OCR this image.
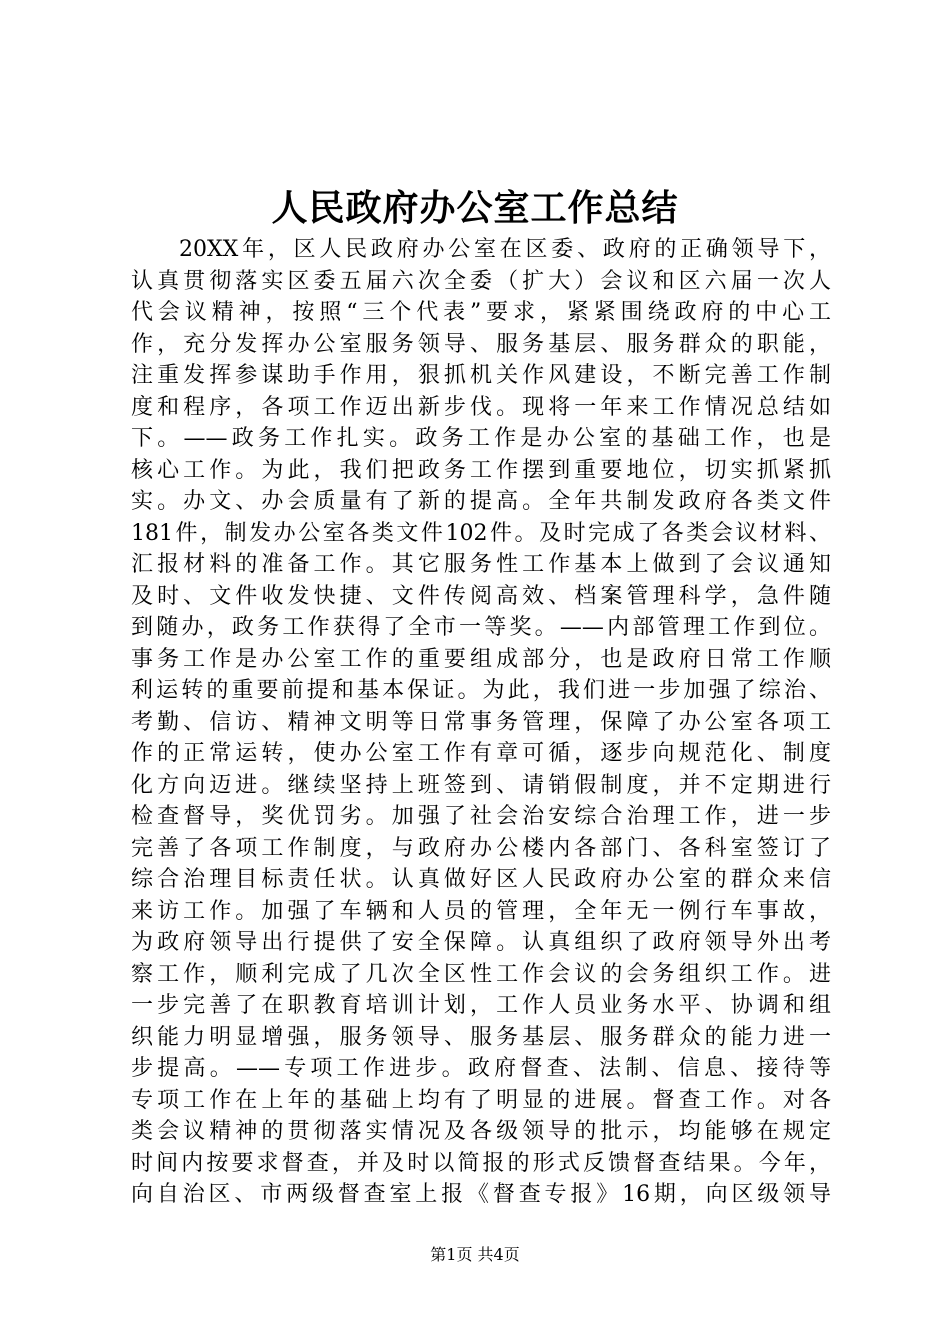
人民政府办公室工作总结
20XX年，区人民政府办公室在区委、政府的正确领导下，
认真贯彻落实区委五届六次全委（扩大）会议和区六届一次人
代会议精神，按照“三个代表”要求，紧紧围绕政府的中心工
作，充分发挥办公室服务领导、服务基层、服务群众的职能，
注重发挥参谋助手作用，狠抓机关作风建设，不断完善工作制
度和程序，各项工作迈出新步伐。现将一年来工作情况总结如
下。——政务工作扎实。政务工作是办公室的基础工作，也是
核心工作。为此，我们把政务工作摆到重要地位，切实抓紧抓
实。办文、办会质量有了新的提高。全年共制发政府各类文件
181件，制发办公室各类文件102件。及时完成了各类会议材料、
汇报材料的准备工作。其它服务性工作基本上做到了会议通知
及时、文件收发快捷、文件传阅高效、档案管理科学，急件随
到随办，政务工作获得了全市一等奖。——内部管理工作到位。
事务工作是办公室工作的重要组成部分，也是政府日常工作顺
利运转的重要前提和基本保证。为此，我们进一步加强了综治、
考勤、信访、精神文明等日常事务管理，保障了办公室各项工
作的正常运转，使办公室工作有章可循，逐步向规范化、制度
化方向迈进。继续坚持上班签到、请销假制度，并不定期进行
检查督导，奖优罚劣。加强了社会治安综合治理工作，进一步
完善了各项工作制度，与政府办公楼内各部门、各科室签订了
综合治理目标责任状。认真做好区人民政府办公室的群众来信
来访工作。加强了车辆和人员的管理，全年无一例行车事故，
为政府领导出行提供了安全保障。认真组织了政府领导外出考
察工作，顺利完成了几次全区性工作会议的会务组织工作。进
一步完善了在职教育培训计划，工作人员业务水平、协调和组
织能力明显增强，服务领导、服务基层、服务群众的能力进一
步提高。——专项工作进步。政府督查、法制、信息、接待等
专项工作在上年的基础上均有了明显的进展。督查工作。对各
类会议精神的贯彻落实情况及各级领导的批示，均能够在规定
时间内按要求督查，并及时以简报的形式反馈督查结果。今年，
向自治区、市两级督查室上报《督查专报》16期，向区级领导
第1页 共4页
